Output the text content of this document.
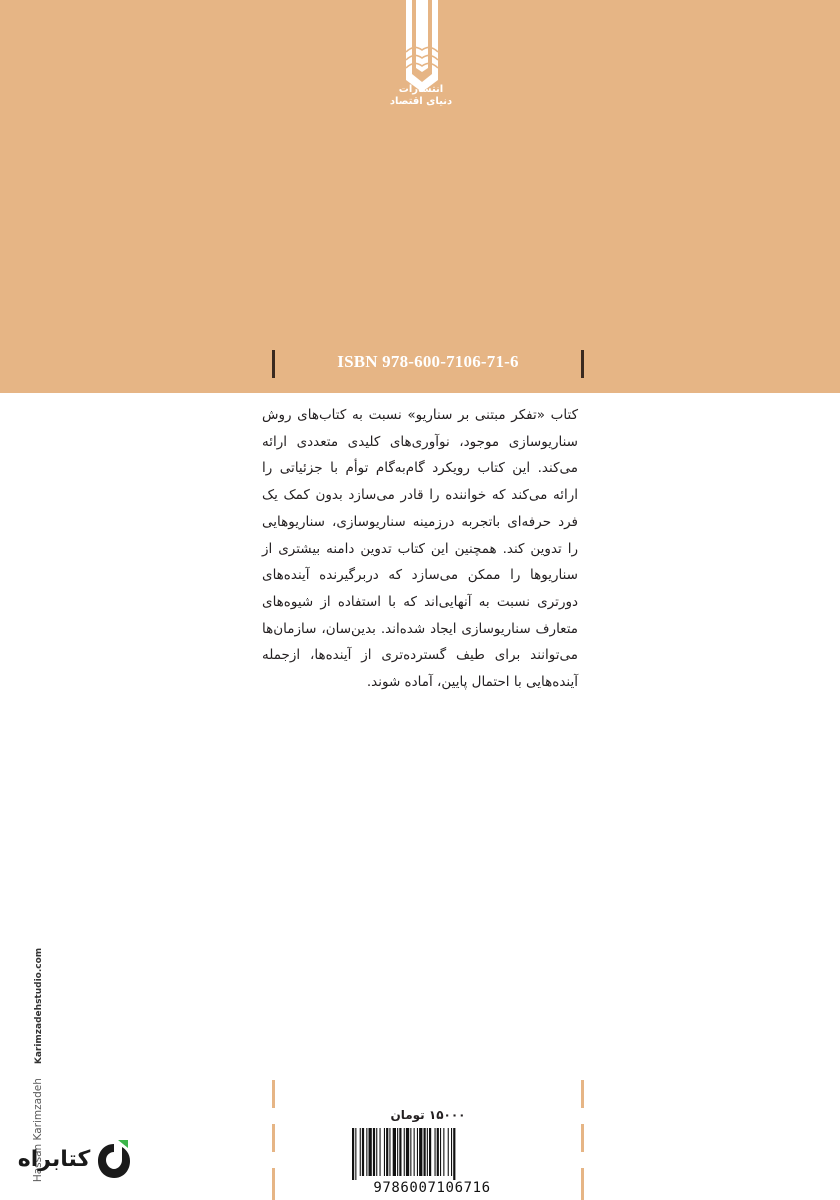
انتشارات
دنیای اقتصاد
ISBN 978-600-7106-71-6

کتاب «تفکر مبتنی بر سناریو» نسبت به کتاب‌های روش سناریوسازی موجود، نوآوری‌های کلیدی متعددی ارائه می‌کند. این کتاب رویکرد گام‌به‌گام توأم با جزئیاتی را ارائه می‌کند که خواننده را قادر می‌سازد بدون کمک یک فرد حرفه‌ای باتجربه درزمینه سناریوسازی، سناریوهایی را تدوین کند. همچنین این کتاب تدوین دامنه بیشتری از سناریوها را ممکن می‌سازد که دربرگیرنده آینده‌های دورتری نسبت به آنهایی‌اند که با استفاده از شیوه‌های متعارف سناریوسازی ایجاد شده‌اند. بدین‌سان، سازمان‌ها می‌توانند برای طیف گسترده‌تری از آینده‌ها، ازجمله آینده‌هایی با احتمال پایین، آماده شوند.

Hassan KarimzadehKarimzadehstudio.com
۱۵۰۰۰ تومان
9786007106716
کتابراه
